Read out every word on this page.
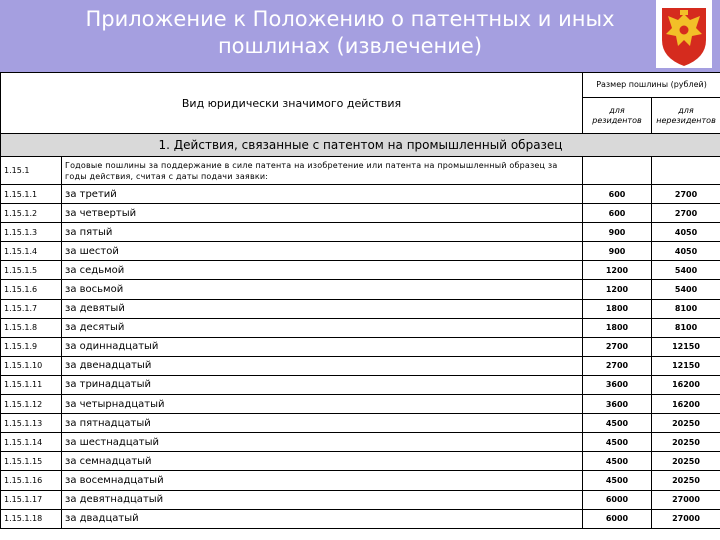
Приложение к Положению о патентных и иных
пошлинах (извлечение)
Вид юридически значимого действия		Размер пошлины (рублей)	
		для резидентов	для нерезидентов
1. Действия, связанные с патентом на промышленный образец			
1.15.1	Годовые пошлины за поддержание в силе патента на изобретение или патента на промышленный образец за годы действия, считая с даты подачи заявки:		
1.15.1.1	за третий	600	2700
1.15.1.2	за четвертый	600	2700
1.15.1.3	за пятый	900	4050
1.15.1.4	за шестой	900	4050
1.15.1.5	за седьмой	1200	5400
1.15.1.6	за восьмой	1200	5400
1.15.1.7	за девятый	1800	8100
1.15.1.8	за десятый	1800	8100
1.15.1.9	за одиннадцатый	2700	12150
1.15.1.10	за двенадцатый	2700	12150
1.15.1.11	за тринадцатый	3600	16200
1.15.1.12	за четырнадцатый	3600	16200
1.15.1.13	за пятнадцатый	4500	20250
1.15.1.14	за шестнадцатый	4500	20250
1.15.1.15	за семнадцатый	4500	20250
1.15.1.16	за восемнадцатый	4500	20250
1.15.1.17	за девятнадцатый	6000	27000
1.15.1.18	за двадцатый	6000	27000
